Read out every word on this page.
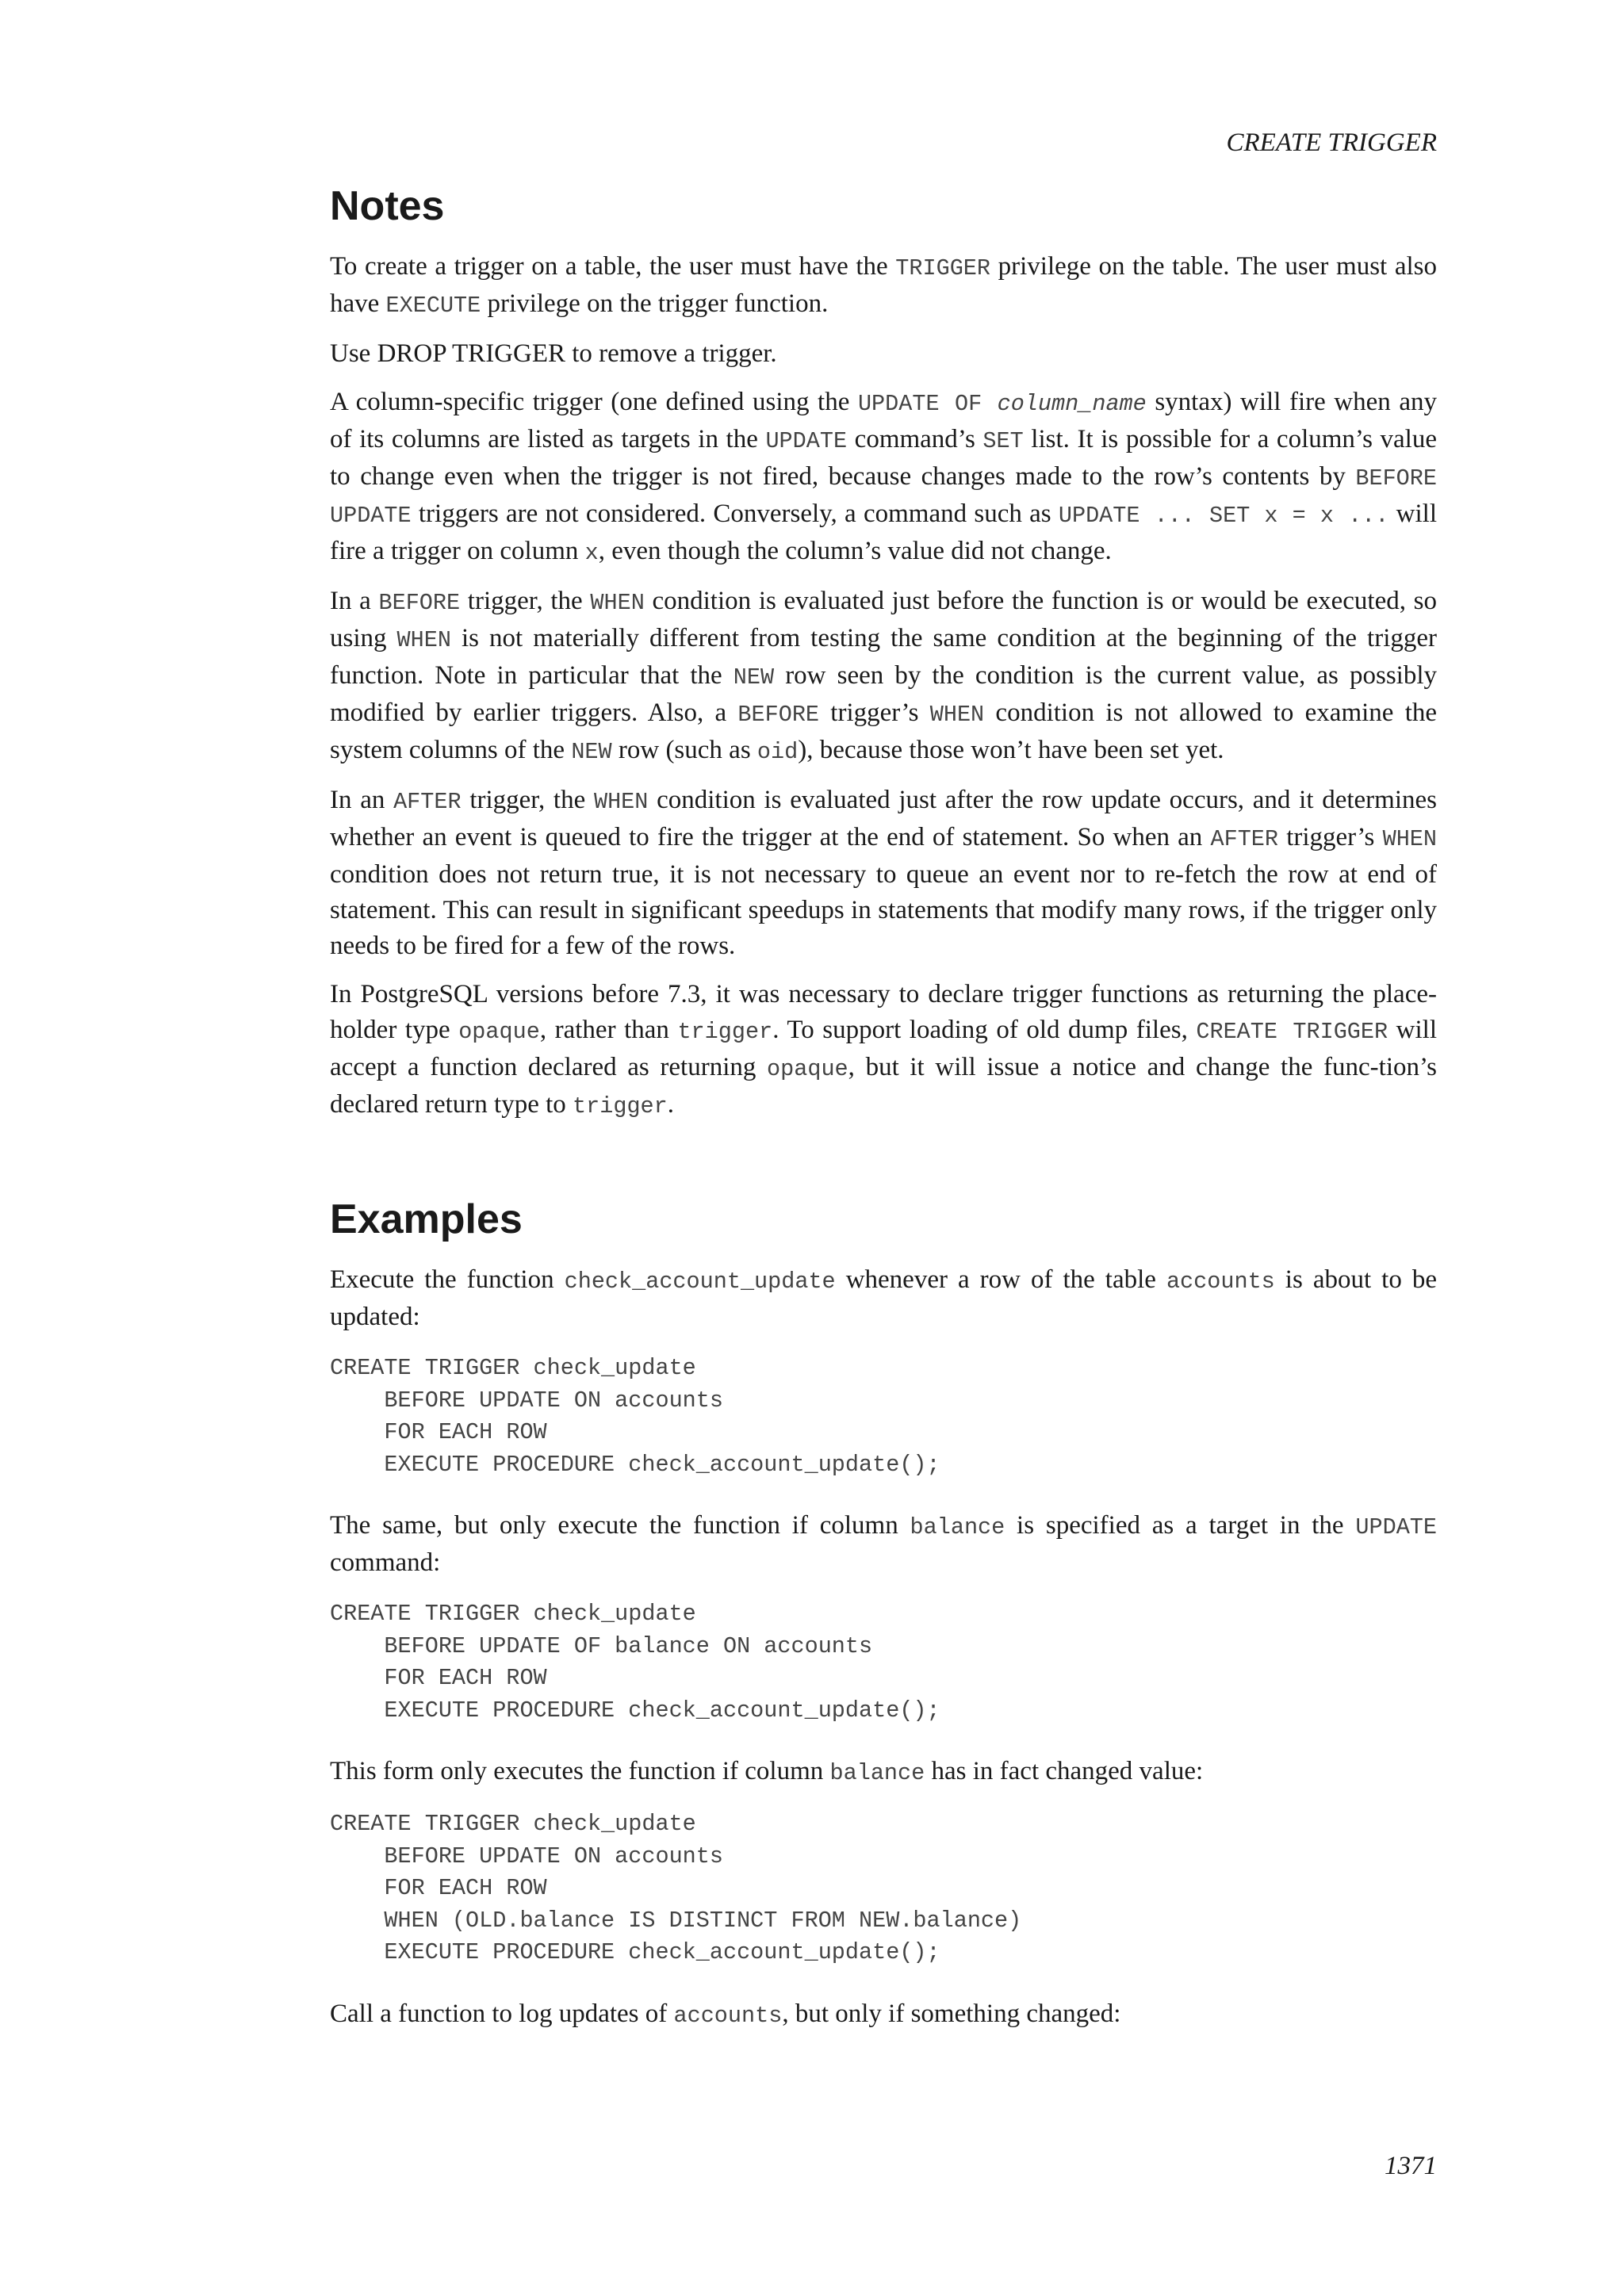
CREATE TRIGGER
Notes

To create a trigger on a table, the user must have the TRIGGER privilege on the table. The user must also have EXECUTE privilege on the trigger function.

Use DROP TRIGGER to remove a trigger.

A column-specific trigger (one defined using the UPDATE OF column_name syntax) will fire when any of its columns are listed as targets in the UPDATE command’s SET list. It is possible for a column’s value to change even when the trigger is not fired, because changes made to the row’s contents by BEFORE UPDATE triggers are not considered. Conversely, a command such as UPDATE ... SET x = x ... will fire a trigger on column x, even though the column’s value did not change.

In a BEFORE trigger, the WHEN condition is evaluated just before the function is or would be executed, so using WHEN is not materially different from testing the same condition at the beginning of the trigger function. Note in particular that the NEW row seen by the condition is the current value, as possibly modified by earlier triggers. Also, a BEFORE trigger’s WHEN condition is not allowed to examine the system columns of the NEW row (such as oid), because those won’t have been set yet.

In an AFTER trigger, the WHEN condition is evaluated just after the row update occurs, and it determines whether an event is queued to fire the trigger at the end of statement. So when an AFTER trigger’s WHEN condition does not return true, it is not necessary to queue an event nor to re-fetch the row at end of statement. This can result in significant speedups in statements that modify many rows, if the trigger only needs to be fired for a few of the rows.

In PostgreSQL versions before 7.3, it was necessary to declare trigger functions as returning the place-holder type opaque, rather than trigger. To support loading of old dump files, CREATE TRIGGER will accept a function declared as returning opaque, but it will issue a notice and change the func-tion’s declared return type to trigger.

Examples

Execute the function check_account_update whenever a row of the table accounts is about to be updated:

CREATE TRIGGER check_update
BEFORE UPDATE ON accounts
FOR EACH ROW
EXECUTE PROCEDURE check_account_update();

The same, but only execute the function if column balance is specified as a target in the UPDATE command:

CREATE TRIGGER check_update
BEFORE UPDATE OF balance ON accounts
FOR EACH ROW
EXECUTE PROCEDURE check_account_update();

This form only executes the function if column balance has in fact changed value:

CREATE TRIGGER check_update
BEFORE UPDATE ON accounts
FOR EACH ROW
WHEN (OLD.balance IS DISTINCT FROM NEW.balance)
EXECUTE PROCEDURE check_account_update();

Call a function to log updates of accounts, but only if something changed:

1371
